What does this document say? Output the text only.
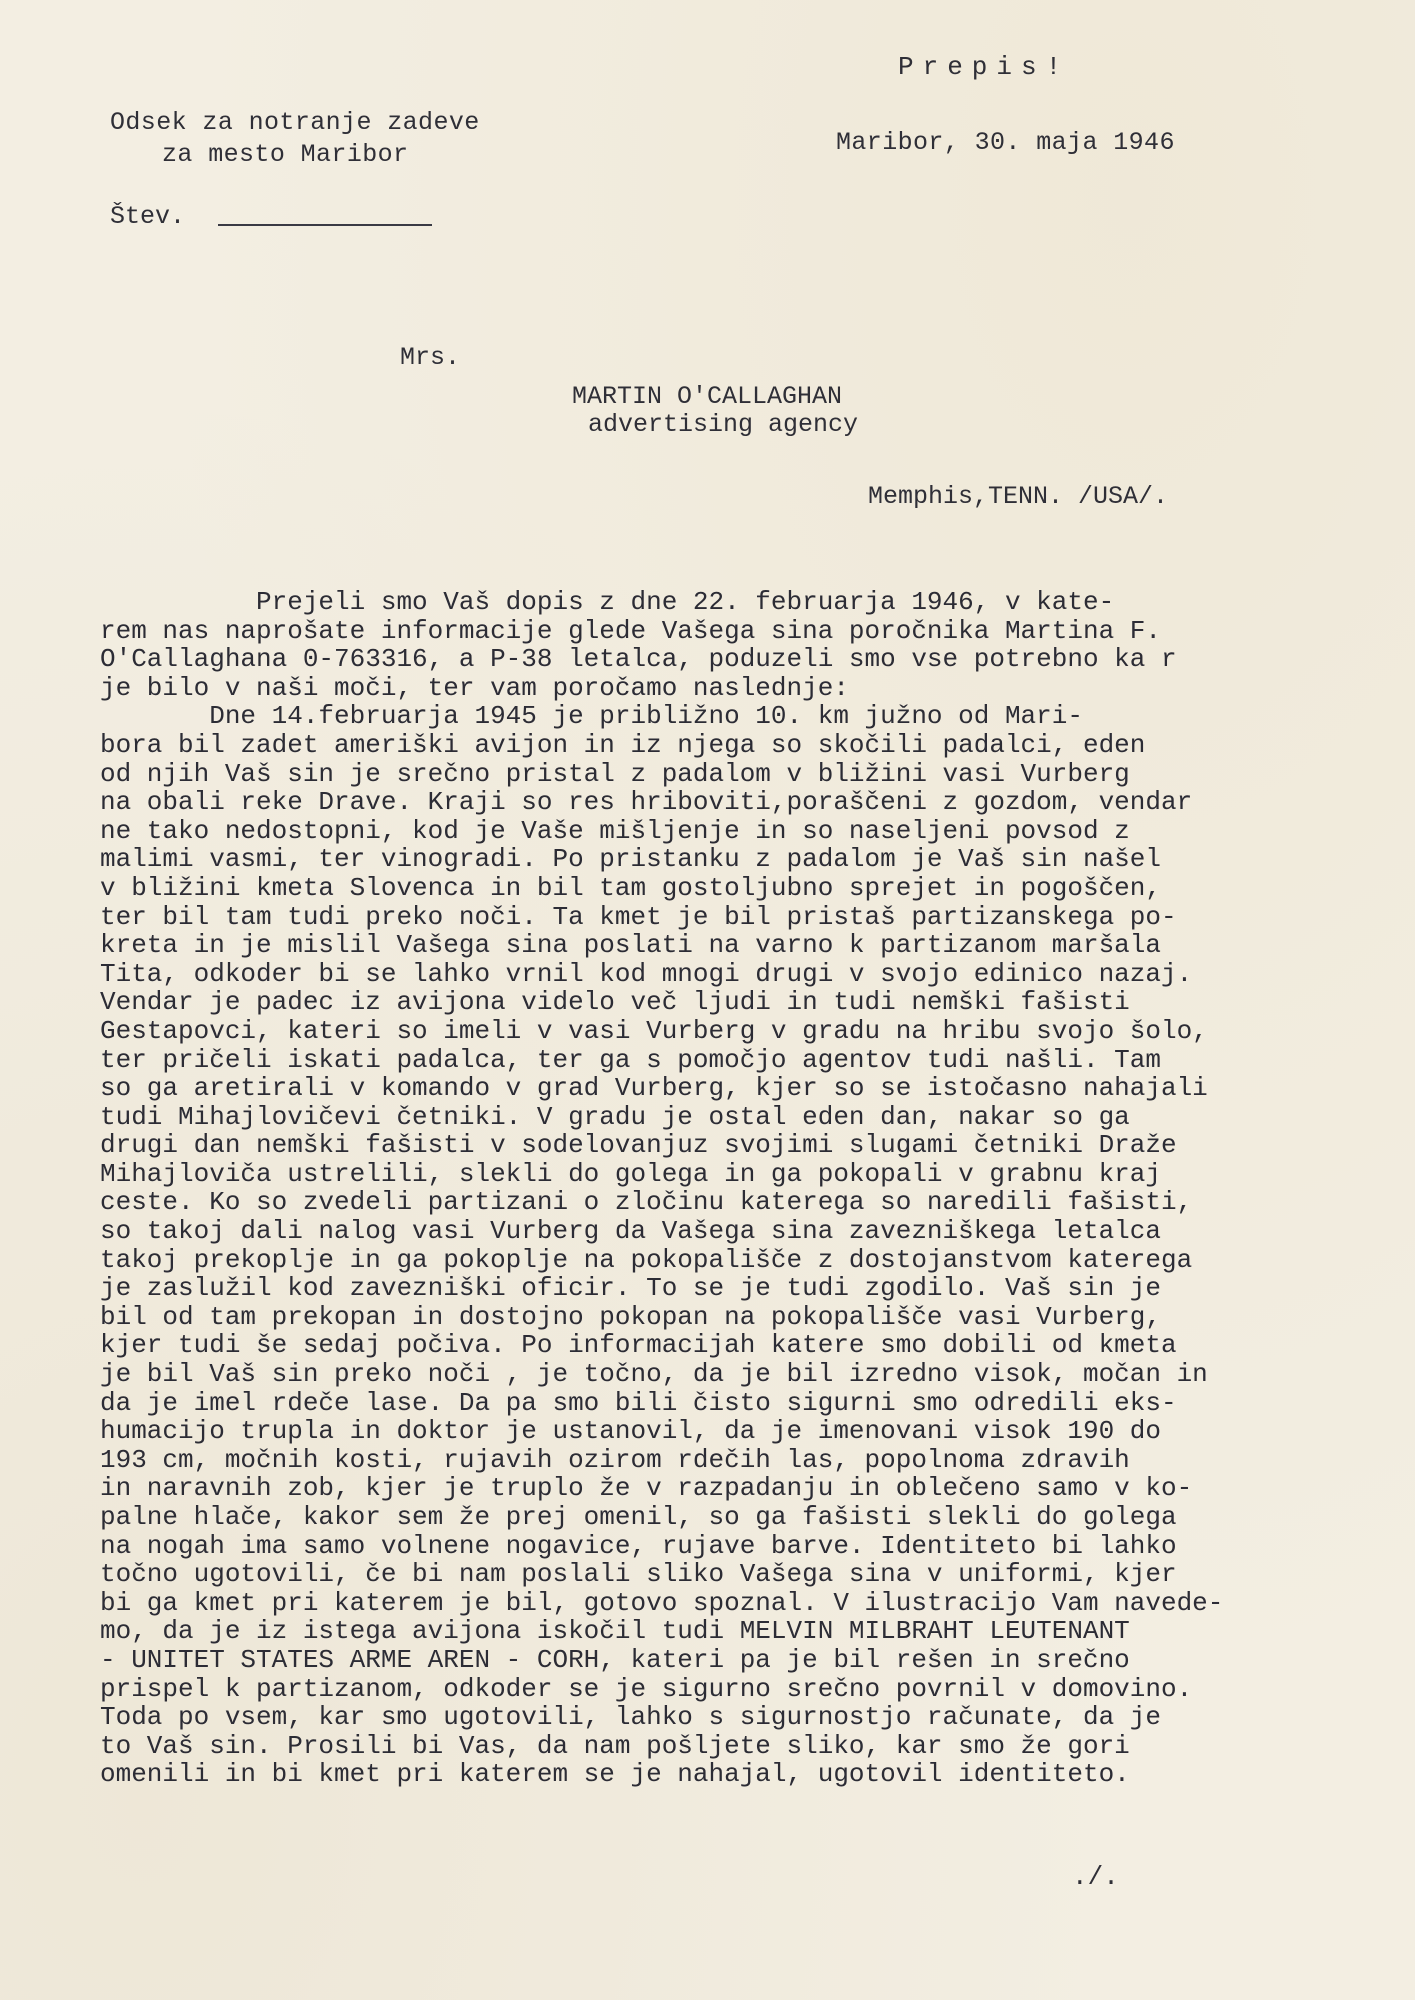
Prepis!
Odsek za notranje zadeve
za mesto Maribor	Maribor, 30. maja 1946
Štev.
Mrs.
MARTIN O'CALLAGHAN
advertising agency
Memphis,TENN. /USA/.
Prejeli smo Vaš dopis z dne 22. februarja 1946, v kate-
rem nas naprošate informacije glede Vašega sina poročnika Martina F.
O'Callaghana 0-763316, a P-38 letalca, poduzeli smo vse potrebno ka r
je bilo v naši moči, ter vam poročamo naslednje:
Dne 14.februarja 1945 je približno 10. km južno od Mari-
bora bil zadet ameriški avijon in iz njega so skočili padalci, eden
od njih Vaš sin je srečno pristal z padalom v bližini vasi Vurberg
na obali reke Drave. Kraji so res hriboviti,poraščeni z gozdom, vendar
ne tako nedostopni, kod je Vaše mišljenje in so naseljeni povsod z
malimi vasmi, ter vinogradi. Po pristanku z padalom je Vaš sin našel
v bližini kmeta Slovenca in bil tam gostoljubno sprejet in pogoščen,
ter bil tam tudi preko noči. Ta kmet je bil pristaš partizanskega po-
kreta in je mislil Vašega sina poslati na varno k partizanom maršala
Tita, odkoder bi se lahko vrnil kod mnogi drugi v svojo edinico nazaj.
Vendar je padec iz avijona videlo več ljudi in tudi nemški fašisti
Gestapovci, kateri so imeli v vasi Vurberg v gradu na hribu svojo šolo,
ter pričeli iskati padalca, ter ga s pomočjo agentov tudi našli. Tam
so ga aretirali v komando v grad Vurberg, kjer so se istočasno nahajali
tudi Mihajlovičevi četniki. V gradu je ostal eden dan, nakar so ga
drugi dan nemški fašisti v sodelovanjuz svojimi slugami četniki Draže
Mihajloviča ustrelili, slekli do golega in ga pokopali v grabnu kraj
ceste. Ko so zvedeli partizani o zločinu katerega so naredili fašisti,
so takoj dali nalog vasi Vurberg da Vašega sina zavezniškega letalca
takoj prekoplje in ga pokoplje na pokopališče z dostojanstvom katerega
je zaslužil kod zavezniški oficir. To se je tudi zgodilo. Vaš sin je
bil od tam prekopan in dostojno pokopan na pokopališče vasi Vurberg,
kjer tudi še sedaj počiva. Po informacijah katere smo dobili od kmeta
je bil Vaš sin preko noči , je točno, da je bil izredno visok, močan in
da je imel rdeče lase. Da pa smo bili čisto sigurni smo odredili eks-
humacijo trupla in doktor je ustanovil, da je imenovani visok 190 do
193 cm, močnih kosti, rujavih ozirom rdečih las, popolnoma zdravih
in naravnih zob, kjer je truplo že v razpadanju in oblečeno samo v ko-
palne hlače, kakor sem že prej omenil, so ga fašisti slekli do golega
na nogah ima samo volnene nogavice, rujave barve. Identiteto bi lahko
točno ugotovili, če bi nam poslali sliko Vašega sina v uniformi, kjer
bi ga kmet pri katerem je bil, gotovo spoznal. V ilustracijo Vam navede-
mo, da je iz istega avijona iskočil tudi MELVIN MILBRAHT LEUTENANT
- UNITET STATES ARME AREN - CORH, kateri pa je bil rešen in srečno
prispel k partizanom, odkoder se je sigurno srečno povrnil v domovino.
Toda po vsem, kar smo ugotovili, lahko s sigurnostjo računate, da je
to Vaš sin. Prosili bi Vas, da nam pošljete sliko, kar smo že gori
omenili in bi kmet pri katerem se je nahajal, ugotovil identiteto.
./.
